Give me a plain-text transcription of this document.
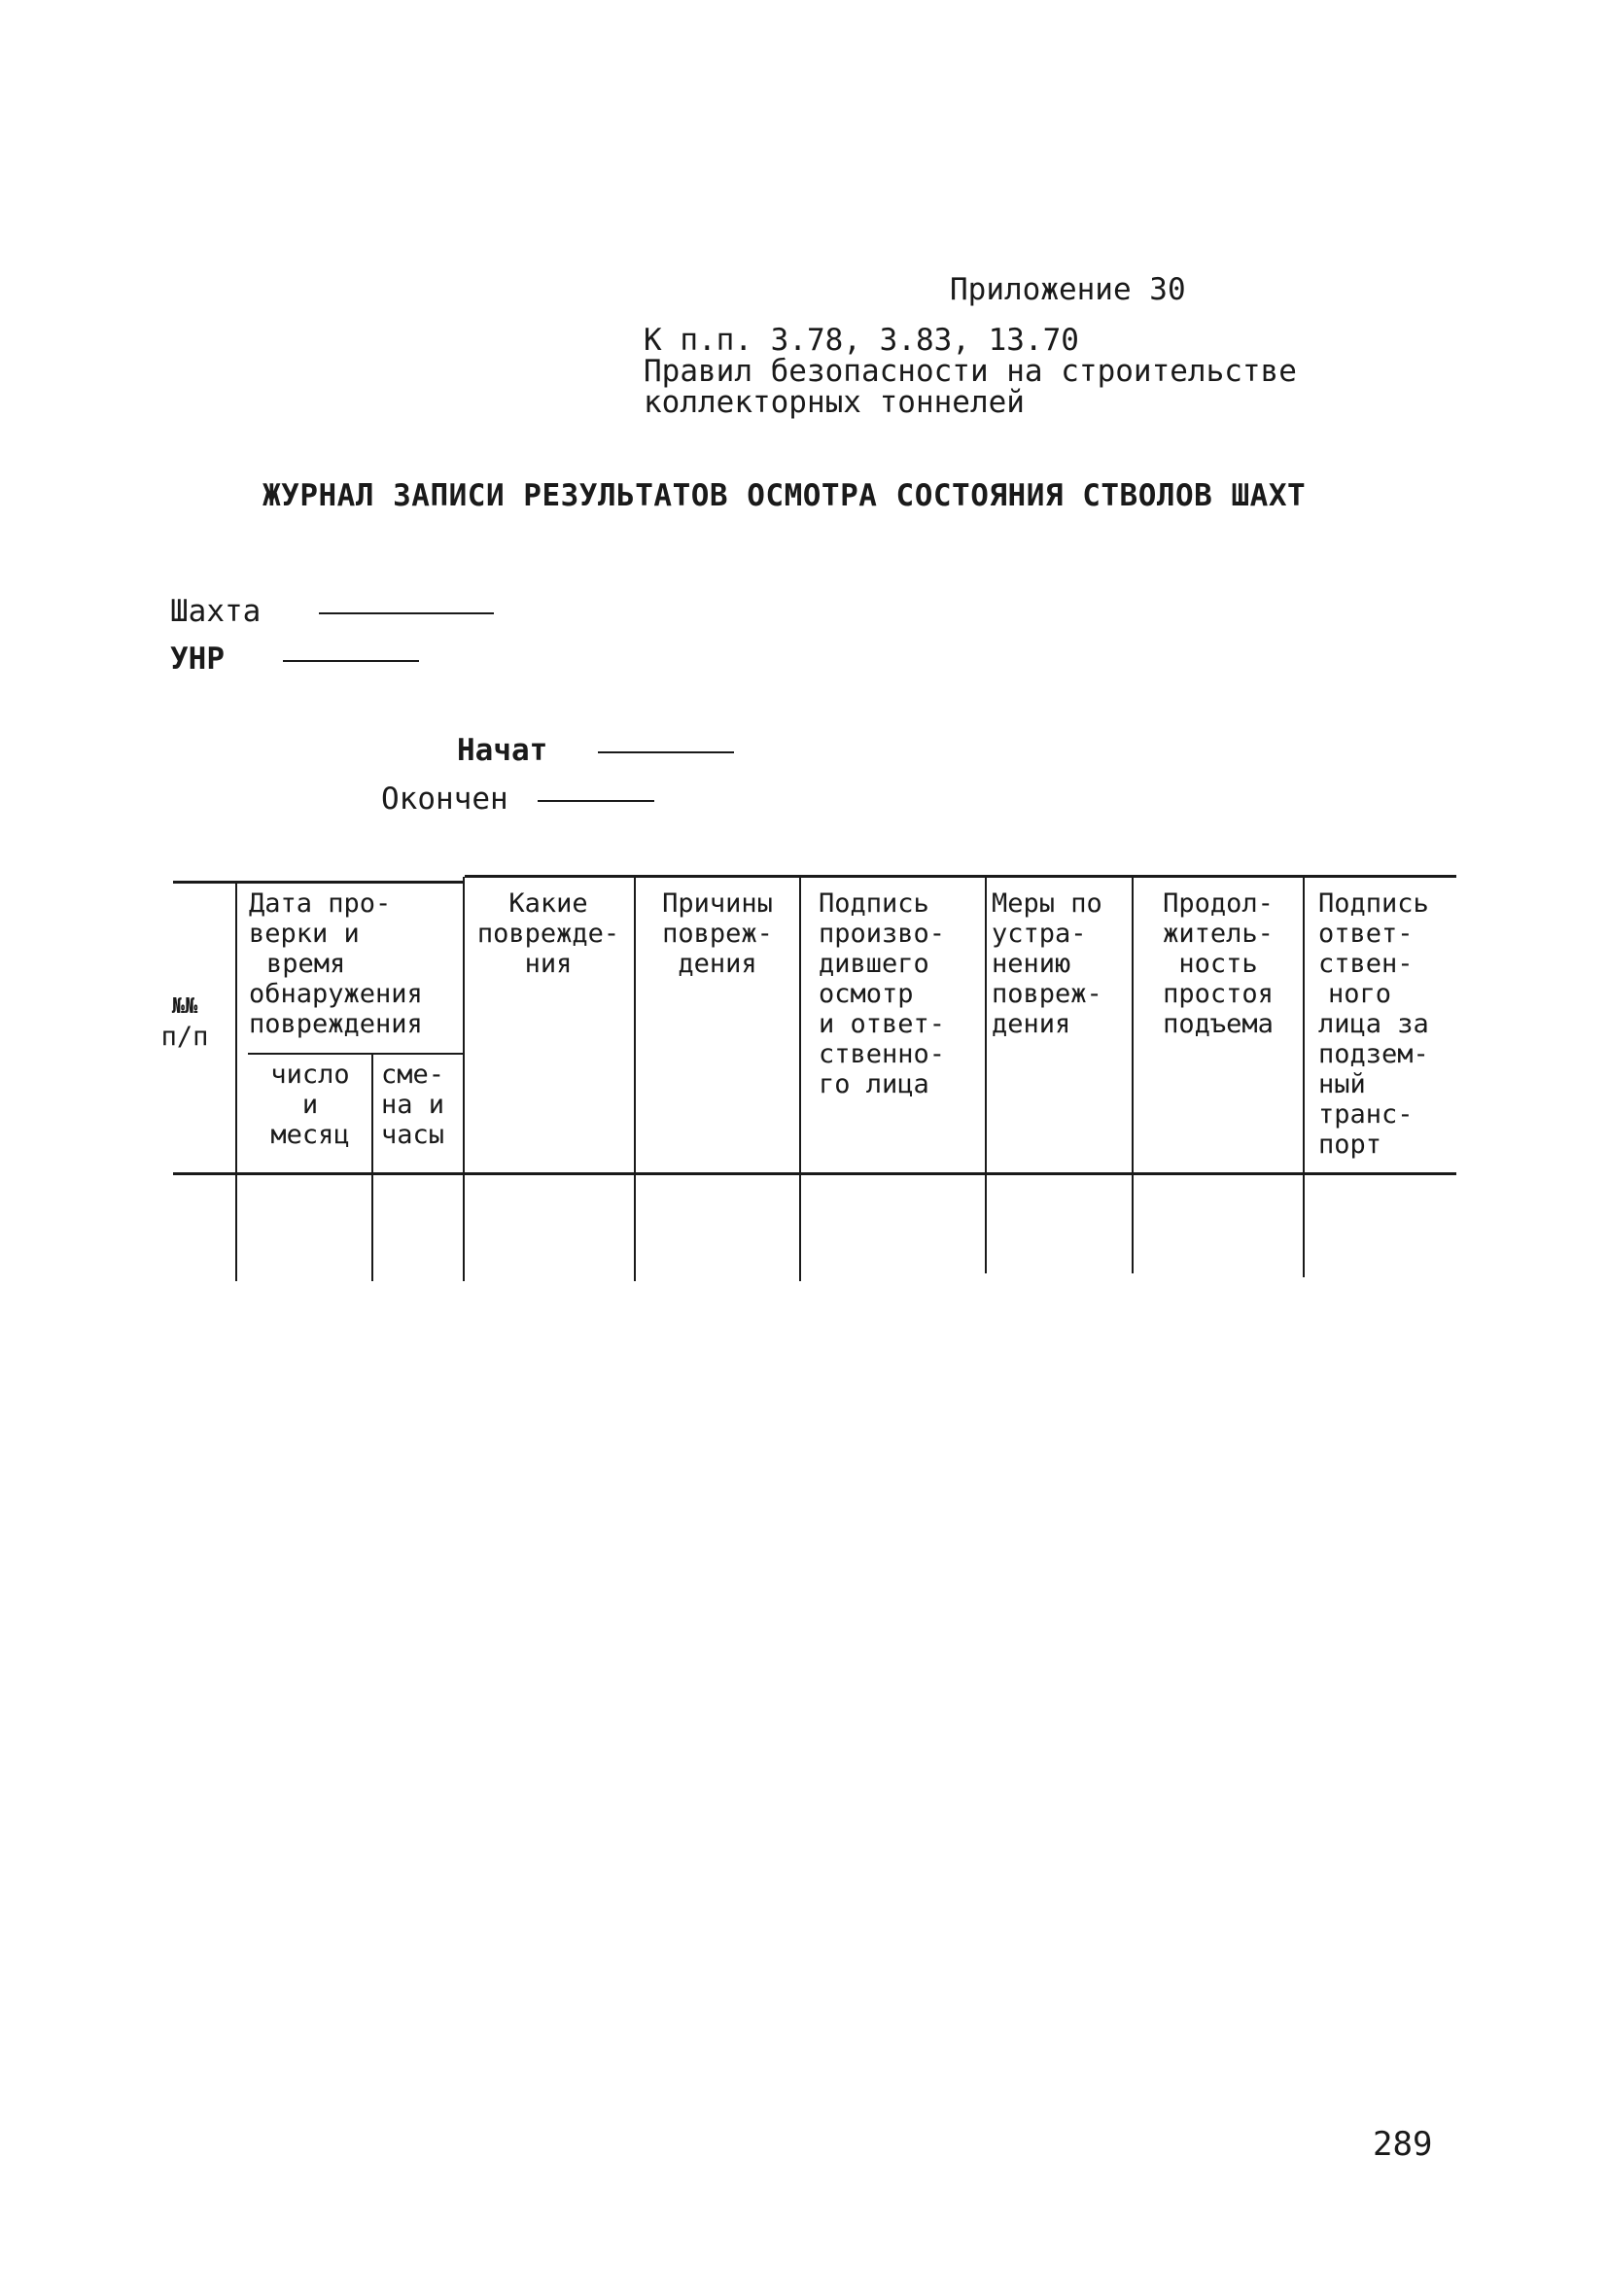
Приложение 30
К п.п. 3.78, 3.83, 13.70
Правил безопасности на строительстве
коллекторных тоннелей
ЖУРНАЛ ЗАПИСИ РЕЗУЛЬТАТОВ ОСМОТРА СОСТОЯНИЯ СТВОЛОВ ШАХТ
Шахта
УНР
Начат
Окончен
№№
п/п
Дата про-
верки и
время
обнаружения
повреждения
число
и
месяц
сме-
на и
часы
Какие
поврежде-
ния
Причины
повреж-
дения
Подпись
произво-
дившего
осмотр
и ответ-
ственно-
го лица
Меры по
устра-
нению
повреж-
дения
Продол-
житель-
ность
простоя
подъема
Подпись
ответ-
ствен-
ного
лица за
подзем-
ный
транс-
порт
289
